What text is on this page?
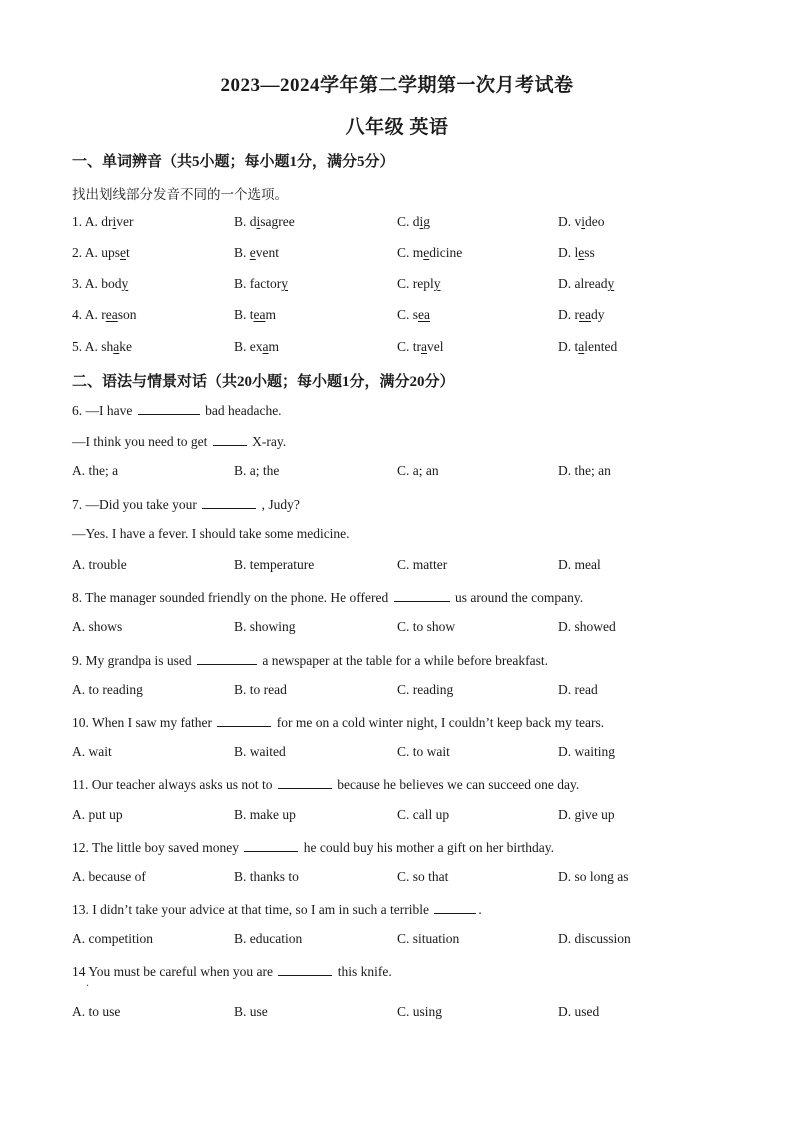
2023—2024学年第二学期第一次月考试卷
八年级 英语
一、单词辨音（共5小题；每小题1分，满分5分）
找出划线部分发音不同的一个选项。
1. A. driver	B. disagree	C. dig	D. video
2. A. upset	B. event	C. medicine	D. less
3. A. body	B. factory	C. reply	D. already
4. A. reason	B. team	C. sea	D. ready
5. A. shake	B. exam	C. travel	D. talented
二、语法与情景对话（共20小题；每小题1分，满分20分）
6. —I have	bad headache.
—I think you need to get	X-ray.
A. the; a	B. a; the	C. a; an	D. the; an
7. —Did you take your	, Judy?
—Yes. I have a fever. I should take some medicine.
A. trouble	B. temperature	C. matter	D. meal
8. The manager sounded friendly on the phone. He offered	us around the company.
A. shows	B. showing	C. to show	D. showed
9. My grandpa is used	a newspaper at the table for a while before breakfast.
A. to reading	B. to read	C. reading	D. read
10. When I saw my father	for me on a cold winter night, I couldn’t keep back my tears.
A. wait	B. waited	C. to wait	D. waiting
11. Our teacher always asks us not to	because he believes we can succeed one day.
A. put up	B. make up	C. call up	D. give up
12. The little boy saved money	he could buy his mother a gift on her birthday.
A. because of	B. thanks to	C. so that	D. so long as
13. I didn’t take your advice at that time, so I am in such a terrible	.
A. competition	B. education	C. situation	D. discussion
14 You must be careful when you are	this knife.
·
A. to use	B. use	C. using	D. used
